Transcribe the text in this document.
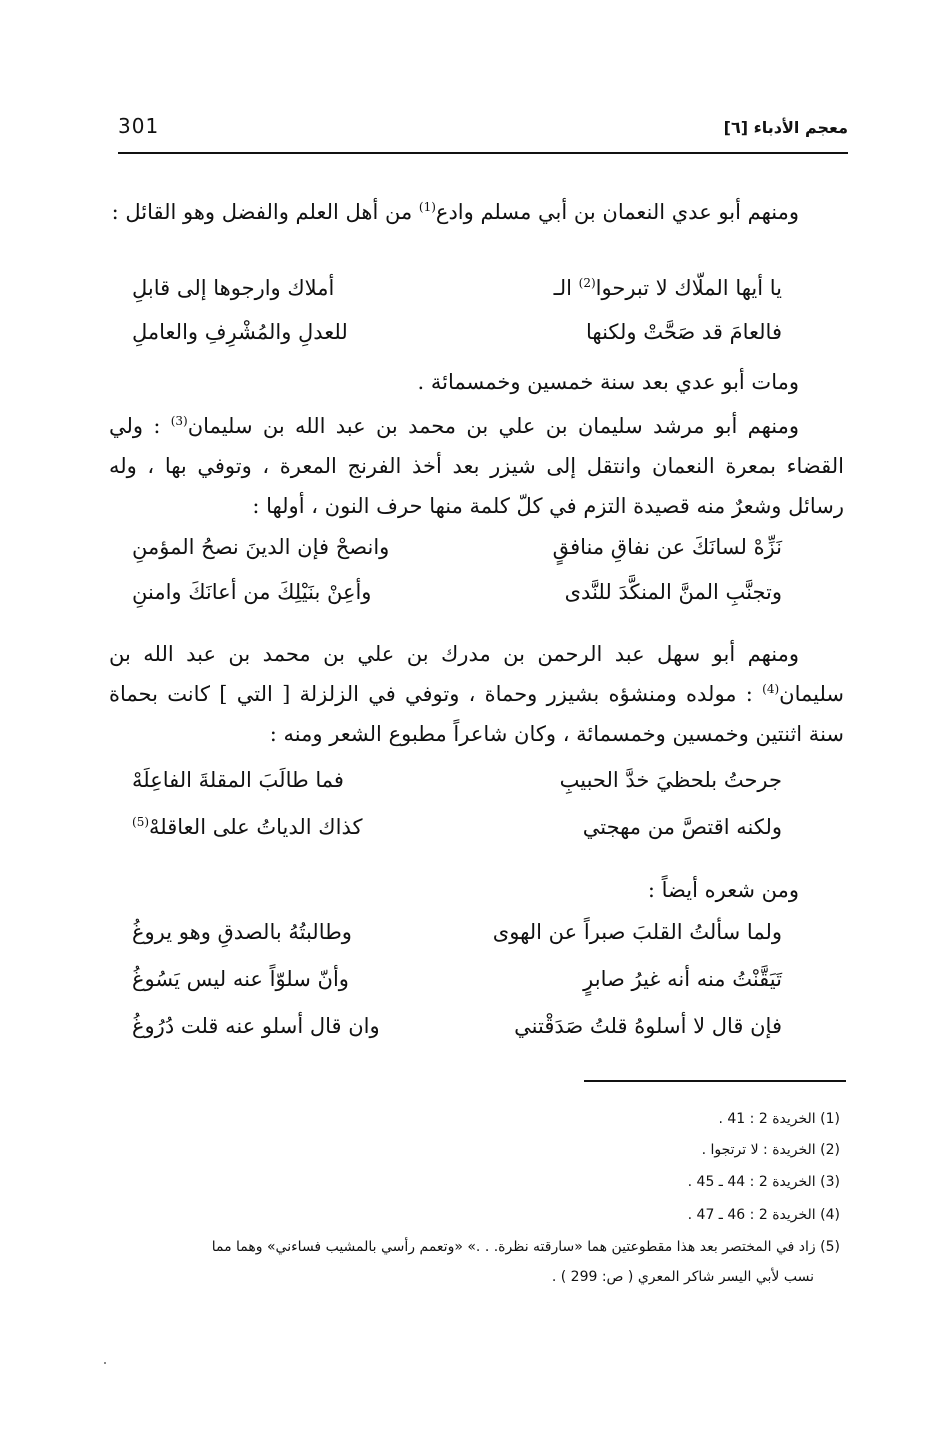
301	معجم الأدباء [٦]
ومنهم أبو عدي النعمان بن أبي مسلم وادع$^{(1)}$ من أهل العلم والفضل وهو القائل :
يا أيها الملّاك لا تبرحوا$^{(2)}$ الـ
أملاك وارجوها إلى قابلِ
فالعامَ قد صَحَّتْ ولكنها
للعدلِ والمُشْرِفِ والعاملِ
ومات أبو عدي بعد سنة خمسين وخمسمائة .
ومنهم أبو مرشد سليمان بن علي بن محمد بن عبد الله بن سليمان$^{(3)}$ : ولي القضاء بمعرة النعمان وانتقل إلى شيزر بعد أخذ الفرنج المعرة ، وتوفي بها ، وله رسائل وشعرٌ منه قصيدة التزم في كلّ كلمة منها حرف النون ، أولها :
نَزِّهْ لسانَكَ عن نفاقِ منافقٍ
وانصحْ فإن الدينَ نصحُ المؤمنِ
وتجنَّبِ المنَّ المنكَّدَ للنَّدى
وأعِنْ بنَيْلِكَ من أعانَكَ وامننِ
ومنهم أبو سهل عبد الرحمن بن مدرك بن علي بن محمد بن عبد الله بن سليمان$^{(4)}$ : مولده ومنشؤه بشيزر وحماة ، وتوفي في الزلزلة [ التي ] كانت بحماة سنة اثنتين وخمسين وخمسمائة ، وكان شاعراً مطبوع الشعر ومنه :
جرحتُ بلحظيَ خدَّ الحبيبِ
فما طالَبَ المقلةَ الفاعِلَهْ
ولكنه اقتصَّ من مهجتي
كذاك الدياتُ على العاقلهْ$^{(5)}$
ومن شعره أيضاً :
ولما سألتُ القلبَ صبراً عن الهوى
وطالبتُهُ بالصدقِ وهو يروغُ
تَيَقَّنْتُ منه أنه غيرُ صابرٍ
وأنّ سلوّاً عنه ليس يَسُوغُ
فإن قال لا أسلوهُ قلتُ صَدَقْتني
وان قال أسلو عنه قلت دُرُوغُ
(1) الخريدة 2 : 41 .
(2) الخريدة : لا ترتجوا .
(3) الخريدة 2 : 44 ـ 45 .
(4) الخريدة 2 : 46 ـ 47 .
(5) زاد في المختصر بعد هذا مقطوعتين هما «سارقته نظرة. . .» «وتعمم رأسي بالمشيب فساءني» وهما مما
نسب لأبي اليسر شاكر المعري ( ص: 299 ) .
